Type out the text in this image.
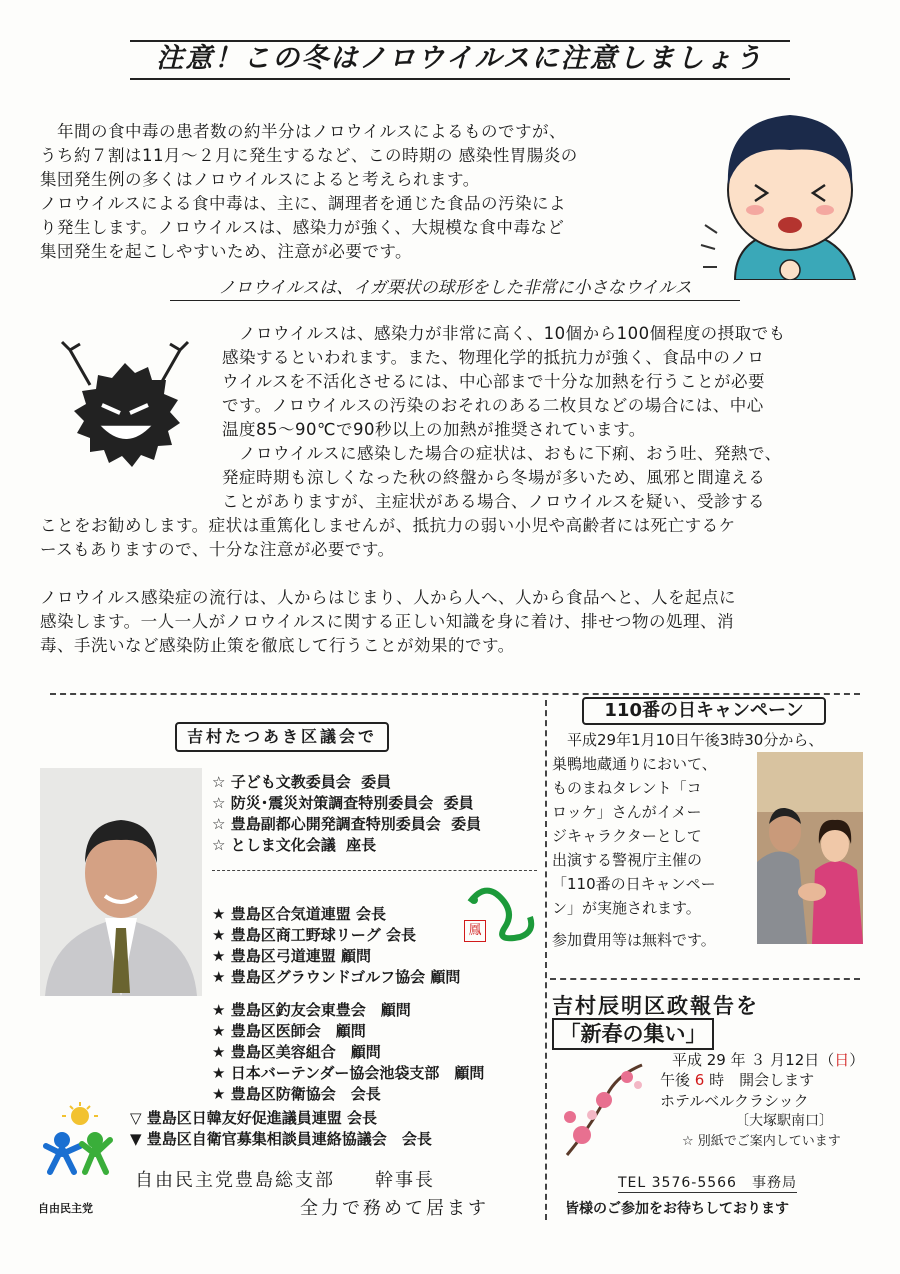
注意！この冬はノロウイルスに注意しましょう
　年間の食中毒の患者数の約半分はノロウイルスによるものですが、
うち約７割は11月〜２月に発生するなど、この時期の 感染性胃腸炎の
集団発生例の多くはノロウイルスによると考えられます。
ノロウイルスによる食中毒は、主に、調理者を通じた食品の汚染によ
り発生します。ノロウイルスは、感染力が強く、大規模な食中毒など
集団発生を起こしやすいため、注意が必要です。
ノロウイルスは、イガ栗状の球形をした非常に小さなウイルス
　ノロウイルスは、感染力が非常に高く、10個から100個程度の摂取でも
感染するといわれます。また、物理化学的抵抗力が強く、食品中のノロ
ウイルスを不活化させるには、中心部まで十分な加熱を行うことが必要
です。ノロウイルスの汚染のおそれのある二枚貝などの場合には、中心
温度85〜90℃で90秒以上の加熱が推奨されています。
　ノロウイルスに感染した場合の症状は、おもに下痢、おう吐、発熱で、
発症時期も涼しくなった秋の終盤から冬場が多いため、風邪と間違える
ことがありますが、主症状がある場合、ノロウイルスを疑い、受診する
ことをお勧めします。症状は重篤化しませんが、抵抗力の弱い小児や高齢者には死亡するケ
ースもありますので、十分な注意が必要です。
ノロウイルス感染症の流行は、人からはじまり、人から人へ、人から食品へと、人を起点に
感染します。一人一人がノロウイルスに関する正しい知識を身に着け、排せつ物の処理、消
毒、手洗いなど感染防止策を徹底して行うことが効果的です。
吉村たつあき区議会で
☆
子ども文教委員会
委員
☆
防災･震災対策調査特別委員会
委員
☆
豊島副都心開発調査特別委員会
委員
☆
としま文化会議
座長
★ 豊島区合気道連盟 会長
★ 豊島区商工野球リーグ 会長
★ 豊島区弓道連盟 顧問
★ 豊島区グラウンドゴルフ協会 顧問
鳳
★ 豊島区釣友会東豊会　 顧問
★ 豊島区医師会　 顧問
★ 豊島区美容組合　 顧問
★ 日本バーテンダー協会池袋支部　 顧問
★ 豊島区防衛協会　 会長
▽ 豊島区日韓友好促進議員連盟 会長
▼ 豊島区自衛官募集相談員連絡協議会　 会長
自由民主党
自由民主党豊島総支部　　幹事長
全力で務めて居ます
110番の日キャンペーン
　平成29年1月10日午後3時30分から、
巣鴨地蔵通りにおいて、
ものまねタレント「コ
ロッケ」さんがイメー
ジキャラクターとして
出演する警視庁主催の
「110番の日キャンペー
ン」が実施されます。
参加費用等は無料です。
吉村辰明区政報告を
「新春の集い」
平成 29 年 ３ 月12日（日）
午後 6 時　開会します
ホテルベルクラシック
〔大塚駅南口〕
☆ 別紙でご案内しています
TEL 3576-5566　事務局
皆様のご参加をお待ちしております
